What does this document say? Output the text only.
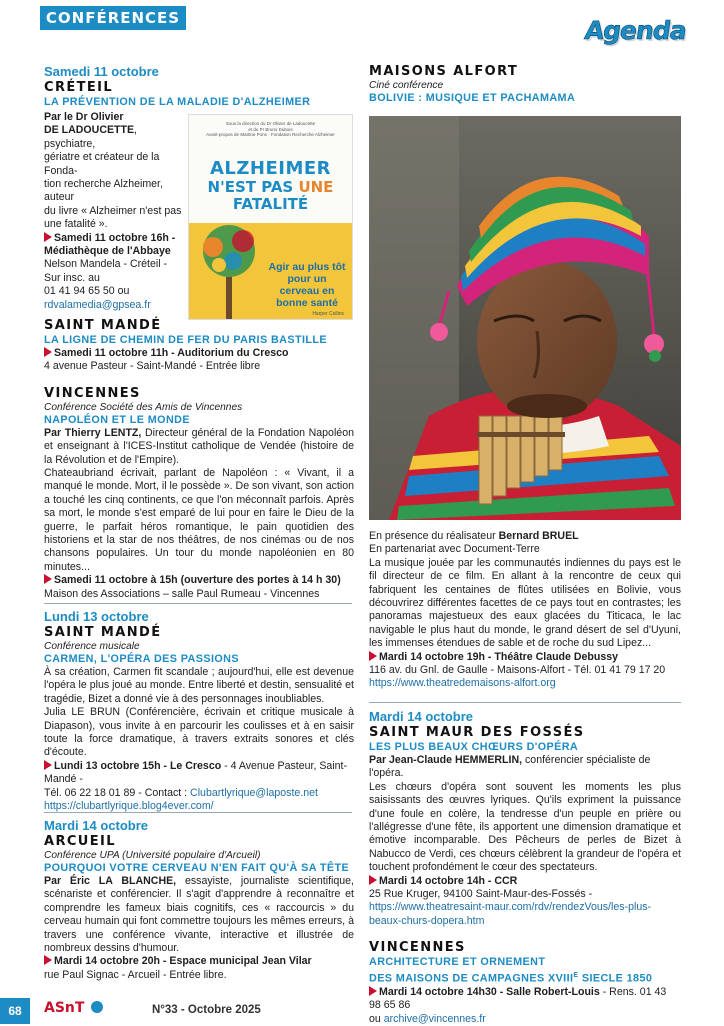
CONFÉRENCES	Agenda
Samedi 11 octobre
CRÉTEIL
LA PRÉVENTION DE LA MALADIE D'ALZHEIMER

Par le Dr Olivier

DE LADOUCETTE, psychiatre,

gériatre et créateur de la Fonda-

tion recherche Alzheimer, auteur

du livre « Alzheimer n'est pas

une fatalité ».

Samedi 11 octobre 16h -

Médiathèque de l'Abbaye

Nelson Mandela - Créteil -

Sur insc. au

01 41 94 65 50 ou

rdvalamedia@gpsea.fr

Sous la direction du Dr Olivier de Ladoucette
et du Pr Bruno Dubois
Avant-propos de Martine Pons · Fondation Recherche Alzheimer
ALZHEIMER
N'EST PAS UNE
FATALITÉ
Agir au plus tôt pour un cerveau en bonne santé
Harper Collins
SAINT MANDÉ
LA LIGNE DE CHEMIN DE FER DU PARIS BASTILLE

Samedi 11 octobre 11h - Auditorium du Cresco

4 avenue Pasteur - Saint-Mandé - Entrée libre

VINCENNES
Conférence Société des Amis de Vincennes
NAPOLÉON ET LE MONDE

Par Thierry LENTZ, Directeur général de la Fondation Napoléon et enseignant à l'ICES-Institut catholique de Vendée (histoire de la Révolution et de l'Empire).

Chateaubriand écrivait, parlant de Napoléon : « Vivant, il a manqué le monde. Mort, il le possède ». De son vivant, son action a touché les cinq continents, ce que l'on méconnaît parfois. Après sa mort, le monde s'est emparé de lui pour en faire le Dieu de la guerre, le parfait héros romantique, le pain quotidien des historiens et la star de nos théâtres, de nos cinémas ou de nos chansons populaires. Un tour du monde napoléonien en 80 minutes...

Samedi 11 octobre à 15h (ouverture des portes à 14 h 30)

Maison des Associations – salle Paul Rumeau - Vincennes

Lundi 13 octobre
SAINT MANDÉ
Conférence musicale
CARMEN, L'OPÉRA DES PASSIONS

À sa création, Carmen fit scandale ; aujourd'hui, elle est devenue l'opéra le plus joué au monde. Entre liberté et destin, sensualité et tragédie, Bizet a donné vie à des personnages inoubliables.

Julia LE BRUN (Conférencière, écrivain et critique musicale à Diapason), vous invite à en parcourir les coulisses et à en saisir toute la force dramatique, à travers extraits sonores et clés d'écoute.

Lundi 13 octobre 15h - Le Cresco - 4 Avenue Pasteur, Saint-Mandé -

Tél. 06 22 18 01 89 - Contact : Clubartlyrique@laposte.net

https://clubartlyrique.blog4ever.com/

Mardi 14 octobre
ARCUEIL
Conférence UPA (Université populaire d'Arcueil)
POURQUOI VOTRE CERVEAU N'EN FAIT QU'À SA TÊTE

Par Éric LA BLANCHE, essayiste, journaliste scientifique, scénariste et conférencier. Il s'agit d'apprendre à reconnaître et comprendre les fameux biais cognitifs, ces « raccourcis » du cerveau humain qui font commettre toujours les mêmes erreurs, à travers une conférence vivante, interactive et illustrée de nombreux dessins d'humour.

Mardi 14 octobre 20h - Espace municipal Jean Vilar

rue Paul Signac - Arcueil - Entrée libre.

MAISONS ALFORT
Ciné conférence
BOLIVIE : MUSIQUE ET PACHAMAMA

En présence du réalisateur Bernard BRUEL

En partenariat avec Document-Terre

La musique jouée par les communautés indiennes du pays est le fil directeur de ce film. En allant à la rencontre de ceux qui fabriquent les centaines de flûtes utilisées en Bolivie, vous découvrirez différentes facettes de ce pays tout en contrastes; les panoramas majestueux des eaux glacées du Titicaca, le lac navigable le plus haut du monde, le grand désert de sel d'Uyuni, les immenses étendues de sable et de roche du sud Lipez...

Mardi 14 octobre 19h - Théâtre Claude Debussy

116 av. du Gnl. de Gaulle - Maisons-Alfort - Tél. 01 41 79 17 20

https://www.theatredemaisons-alfort.org

Mardi 14 octobre
SAINT MAUR DES FOSSÉS
LES PLUS BEAUX CHŒURS D'OPÉRA

Par Jean-Claude HEMMERLIN, conférencier spécialiste de l'opéra.

Les chœurs d'opéra sont souvent les moments les plus saisissants des œuvres lyriques. Qu'ils expriment la puissance d'une foule en colère, la tendresse d'un peuple en prière ou l'allégresse d'une fête, ils apportent une dimension dramatique et émotive incomparable. Des Pêcheurs de perles de Bizet à Nabucco de Verdi, ces chœurs célèbrent la grandeur de l'opéra et touchent profondément le cœur des spectateurs.

Mardi 14 octobre 14h - CCR

25 Rue Kruger, 94100 Saint-Maur-des-Fossés - https://www.theatresaint-maur.com/rdv/rendezVous/les-plus-beaux-churs-dopera.htm

VINCENNES
ARCHITECTURE ET ORNEMENT
DES MAISONS DE CAMPAGNES $XVIII^E$ SIECLE 1850

Mardi 14 octobre 14h30 - Salle Robert-Louis - Rens. 01 43 98 65 86

ou archive@vincennes.fr

68	ASnT	N°33 - Octobre 2025
